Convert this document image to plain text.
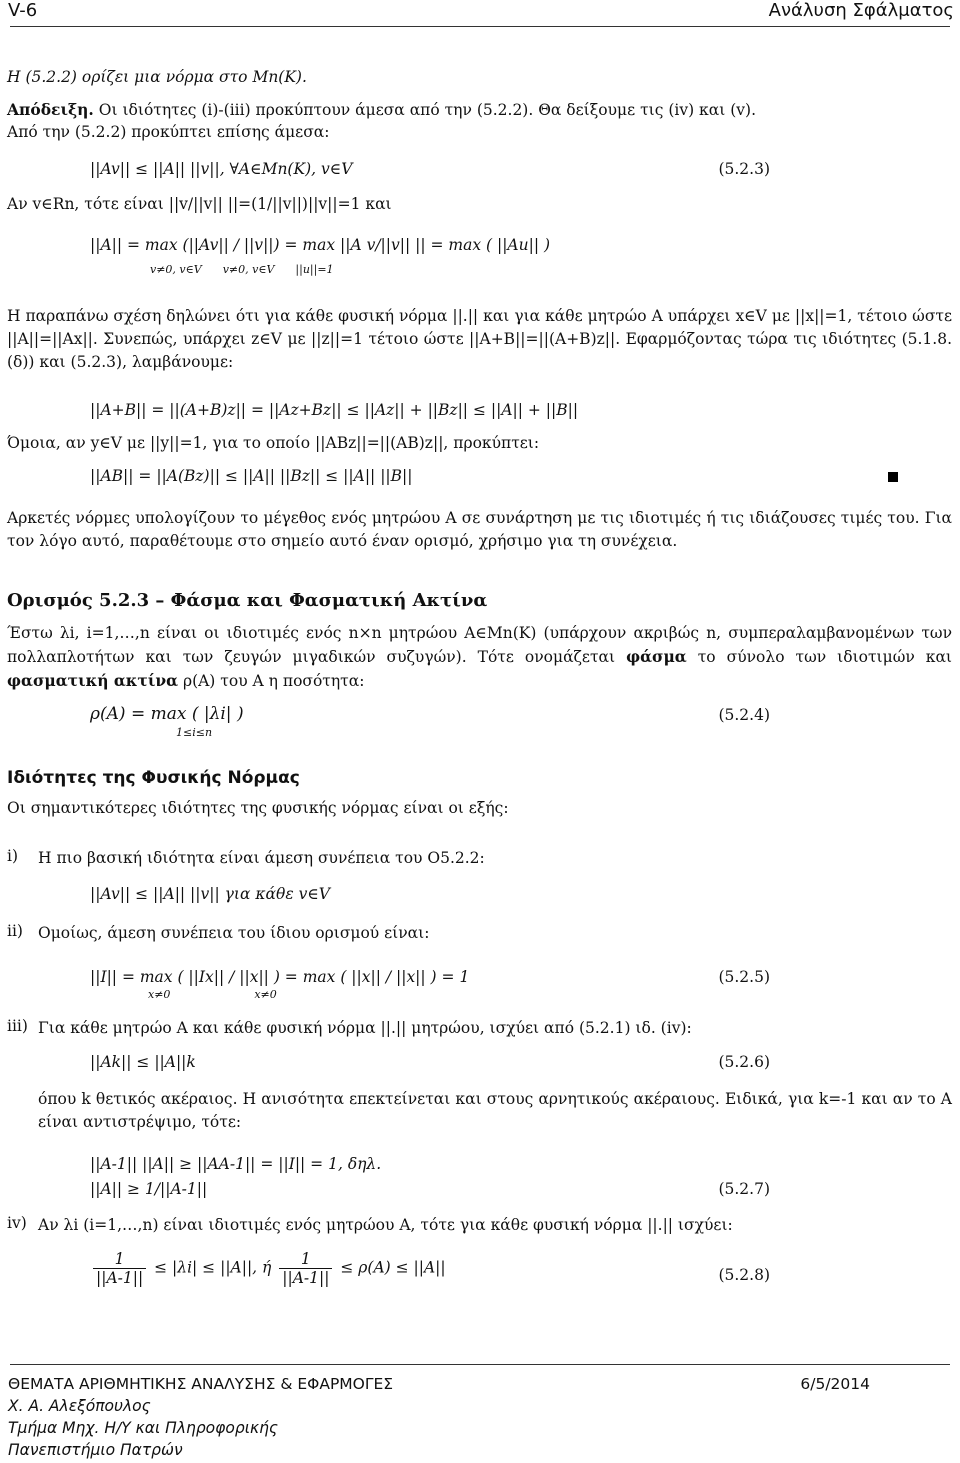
V-6	Ανάλυση Σφάλματος
H (5.2.2) ορίζει μια νόρμα στο Mn(K).
Απόδειξη. Οι ιδιότητες (i)-(iii) προκύπτουν άμεσα από την (5.2.2). Θα δείξουμε τις (iv) και (v).
Από την (5.2.2) προκύπτει επίσης άμεσα:
||Av|| ≤ ||A|| ||v||, ∀A∈Mn(K), v∈V	(5.2.3)
Αν v∈Rn, τότε είναι ||v/||v|| ||=(1/||v||)||v||=1 και
||A|| = max (||Av|| / ||v||) = max ||A v/||v|| || = max ( ||Au|| )
v≠0, v∈V      v≠0, v∈V      ||u||=1
Η παραπάνω σχέση δηλώνει ότι για κάθε φυσική νόρμα ||.|| και για κάθε μητρώο A υπάρχει x∈V με ||x||=1, τέτοιο ώστε ||A||=||Ax||. Συνεπώς, υπάρχει z∈V με ||z||=1 τέτοιο ώστε ||A+B||=||(A+B)z||. Εφαρμόζοντας τώρα τις ιδιότητες (5.1.8.(δ)) και (5.2.3), λαμβάνουμε:
||A+B|| = ||(A+B)z|| = ||Az+Bz|| ≤ ||Az|| + ||Bz|| ≤ ||A|| + ||B||
Όμοια, αν y∈V με ||y||=1, για το οποίο ||ABz||=||(AB)z||, προκύπτει:
||AB|| = ||A(Bz)|| ≤ ||A|| ||Bz|| ≤ ||A|| ||B||
Αρκετές νόρμες υπολογίζουν το μέγεθος ενός μητρώου A σε συνάρτηση με τις ιδιοτιμές ή τις ιδιάζουσες τιμές του. Για τον λόγο αυτό, παραθέτουμε στο σημείο αυτό έναν ορισμό, χρήσιμο για τη συνέχεια.
Ορισμός 5.2.3 – Φάσμα και Φασματική Ακτίνα
Έστω λi, i=1,…,n είναι οι ιδιοτιμές ενός n×n μητρώου A∈Mn(K) (υπάρχουν ακριβώς n, συμπεραλαμβανομένων των πολλαπλοτήτων και των ζευγών μιγαδικών συζυγών). Τότε ονομάζεται φάσμα το σύνολο των ιδιοτιμών και φασματική ακτίνα ρ(A) του A η ποσότητα:
ρ(A) = max ( |λi| )
1≤i≤n
(5.2.4)
Ιδιότητες της Φυσικής Νόρμας
Οι σημαντικότερες ιδιότητες της φυσικής νόρμας είναι οι εξής:
i) Η πιο βασική ιδιότητα είναι άμεση συνέπεια του Ο5.2.2:
||Av|| ≤ ||A|| ||v|| για κάθε v∈V
ii) Ομοίως, άμεση συνέπεια του ίδιου ορισμού είναι:
||I|| = max ( ||Ix|| / ||x|| ) = max ( ||x|| / ||x|| ) = 1
x≠0                        x≠0
(5.2.5)
iii) Για κάθε μητρώο A και κάθε φυσική νόρμα ||.|| μητρώου, ισχύει από (5.2.1) ιδ. (iv):
||Ak|| ≤ ||A||k	(5.2.6)
όπου k θετικός ακέραιος. Η ανισότητα επεκτείνεται και στους αρνητικούς ακέραιους. Ειδικά, για k=-1 και αν το A είναι αντιστρέψιμο, τότε:
||A-1|| ||A|| ≥ ||AA-1|| = ||I|| = 1, δηλ.
||A|| ≥ 1/||A-1||	(5.2.7)
iv) Αν λi (i=1,…,n) είναι ιδιοτιμές ενός μητρώου A, τότε για κάθε φυσική νόρμα ||.|| ισχύει:
$\frac{1}{||A-1||} \le |\lambda i| \le ||A||$, ή $\frac{1}{||A-1||} \le \rho(A) \le ||A||$	(5.2.8)
ΘΕΜΑΤΑ ΑΡΙΘΜΗΤΙΚΗΣ ΑΝΑΛΥΣΗΣ & ΕΦΑΡΜΟΓΕΣ	6/5/2014
Χ. Α. Αλεξόπουλος
Τμήμα Μηχ. Η/Υ και Πληροφορικής
Πανεπιστήμιο Πατρών
